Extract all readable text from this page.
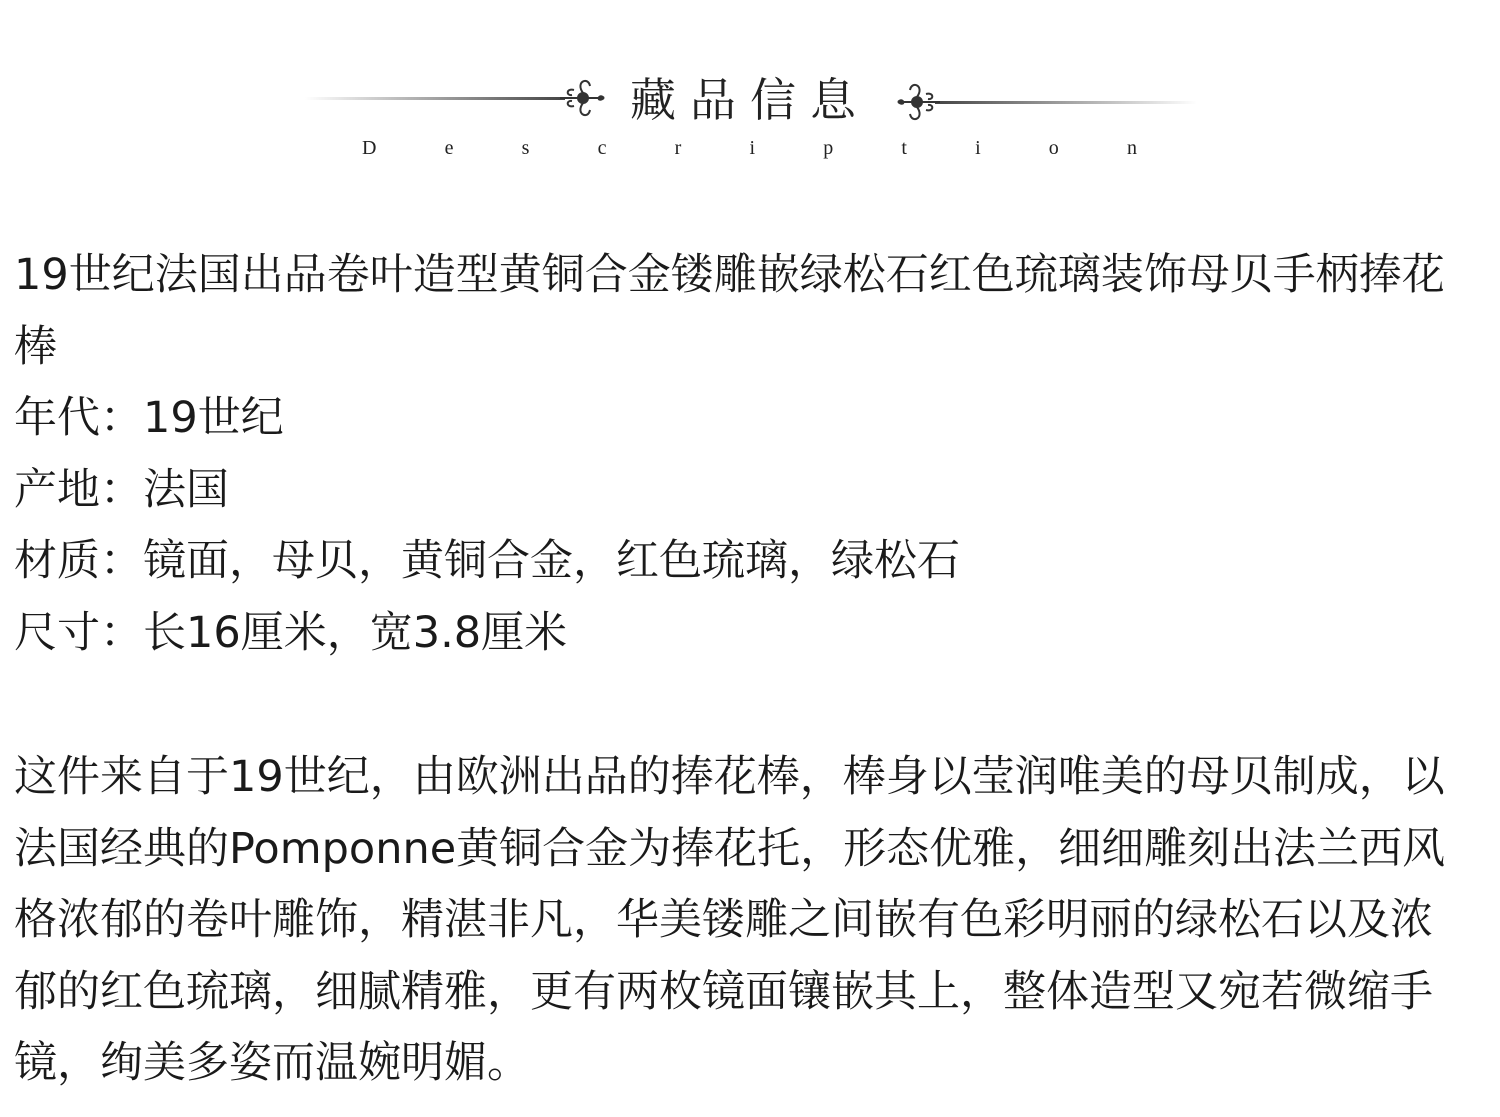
藏品信息
D	e	s	c	r	i	p	t	i	o	n

19世纪法国出品卷叶造型黄铜合金镂雕嵌绿松石红色琉璃装饰母贝手柄捧花棒

年代：19世纪

产地：法国

材质：镜面，母贝，黄铜合金，红色琉璃，绿松石

尺寸：长16厘米，宽3.8厘米

这件来自于19世纪，由欧洲出品的捧花棒，棒身以莹润唯美的母贝制成，以法国经典的Pomponne黄铜合金为捧花托，形态优雅，细细雕刻出法兰西风格浓郁的卷叶雕饰，精湛非凡，华美镂雕之间嵌有色彩明丽的绿松石以及浓郁的红色琉璃，细腻精雅，更有两枚镜面镶嵌其上，整体造型又宛若微缩手镜，绚美多姿而温婉明媚。
